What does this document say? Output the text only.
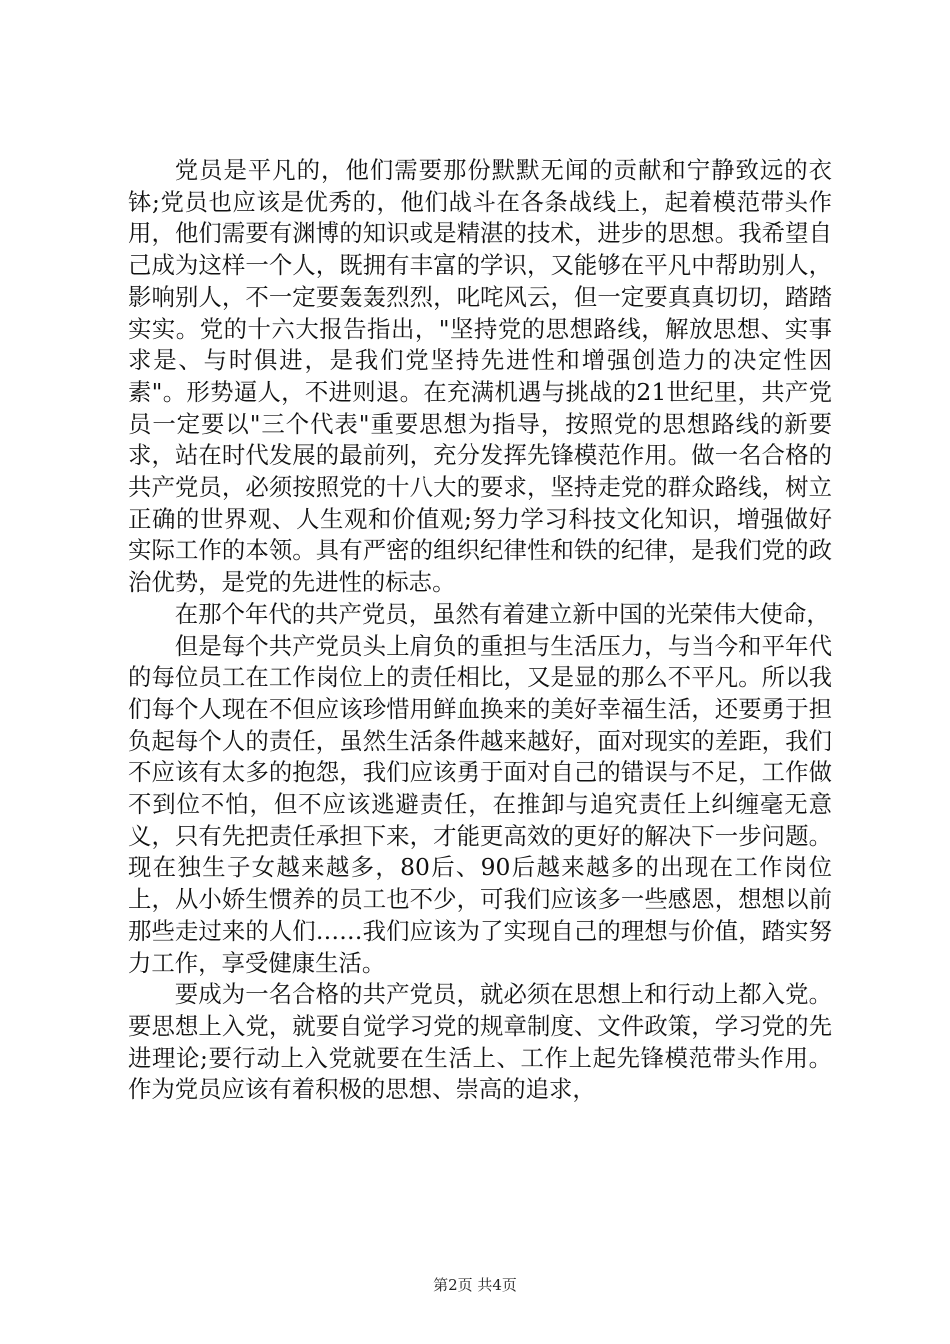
党员是平凡的，他们需要那份默默无闻的贡献和宁静致远的衣钵;党员也应该是优秀的，他们战斗在各条战线上，起着模范带头作用，他们需要有渊博的知识或是精湛的技术，进步的思想。我希望自己成为这样一个人，既拥有丰富的学识，又能够在平凡中帮助别人，影响别人，不一定要轰轰烈烈，叱咤风云，但一定要真真切切，踏踏实实。党的十六大报告指出，"坚持党的思想路线，解放思想、实事求是、与时俱进，是我们党坚持先进性和增强创造力的决定性因素"。形势逼人，不进则退。在充满机遇与挑战的21世纪里，共产党员一定要以"三个代表"重要思想为指导，按照党的思想路线的新要求，站在时代发展的最前列，充分发挥先锋模范作用。做一名合格的共产党员，必须按照党的十八大的要求，坚持走党的群众路线，树立正确的世界观、人生观和价值观;努力学习科技文化知识，增强做好实际工作的本领。具有严密的组织纪律性和铁的纪律，是我们党的政治优势，是党的先进性的标志。

在那个年代的共产党员，虽然有着建立新中国的光荣伟大使命，

但是每个共产党员头上肩负的重担与生活压力，与当今和平年代的每位员工在工作岗位上的责任相比，又是显的那么不平凡。所以我们每个人现在不但应该珍惜用鲜血换来的美好幸福生活，还要勇于担负起每个人的责任，虽然生活条件越来越好，面对现实的差距，我们不应该有太多的抱怨，我们应该勇于面对自己的错误与不足，工作做不到位不怕，但不应该逃避责任，在推卸与追究责任上纠缠毫无意义，只有先把责任承担下来，才能更高效的更好的解决下一步问题。现在独生子女越来越多，80后、90后越来越多的出现在工作岗位上，从小娇生惯养的员工也不少，可我们应该多一些感恩，想想以前那些走过来的人们……我们应该为了实现自己的理想与价值，踏实努力工作，享受健康生活。

要成为一名合格的共产党员，就必须在思想上和行动上都入党。要思想上入党，就要自觉学习党的规章制度、文件政策，学习党的先进理论;要行动上入党就要在生活上、工作上起先锋模范带头作用。作为党员应该有着积极的思想、崇高的追求，

第2页 共4页
